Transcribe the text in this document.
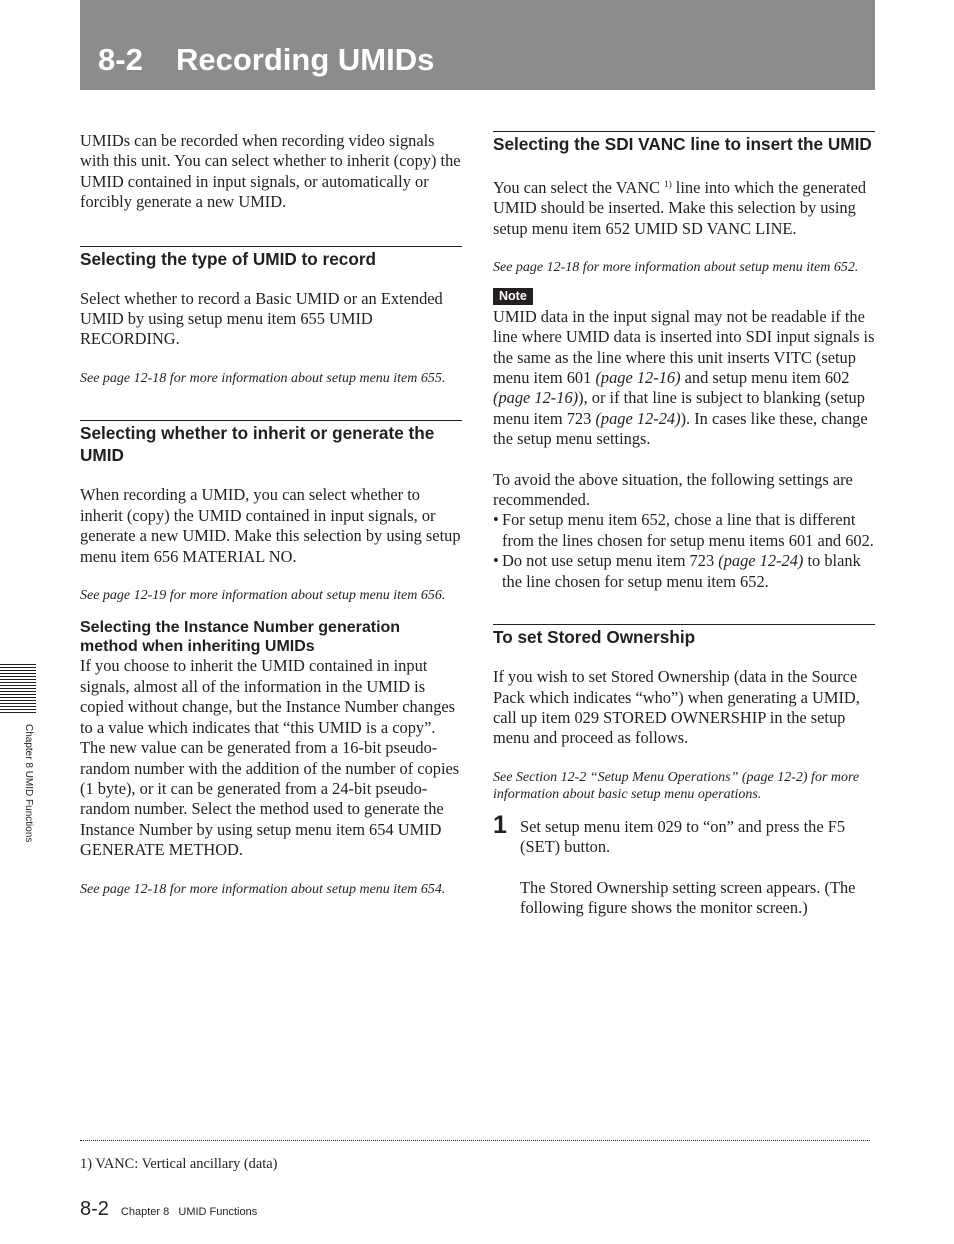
8-2 Recording UMIDs
Chapter 8 UMID Functions

UMIDs can be recorded when recording video signals with this unit. You can select whether to inherit (copy) the UMID contained in input signals, or automatically or forcibly generate a new UMID.

Selecting the type of UMID to record

Select whether to record a Basic UMID or an Extended UMID by using setup menu item 655 UMID RECORDING.

See page 12-18 for more information about setup menu item 655.

Selecting whether to inherit or generate the UMID

When recording a UMID, you can select whether to inherit (copy) the UMID contained in input signals, or generate a new UMID. Make this selection by using setup menu item 656 MATERIAL NO.

See page 12-19 for more information about setup menu item 656.

Selecting the Instance Number generation method when inheriting UMIDs

If you choose to inherit the UMID contained in input signals, almost all of the information in the UMID is copied without change, but the Instance Number changes to a value which indicates that “this UMID is a copy”. The new value can be generated from a 16-bit pseudo-random number with the addition of the number of copies (1 byte), or it can be generated from a 24-bit pseudo-random number. Select the method used to generate the Instance Number by using setup menu item 654 UMID GENERATE METHOD.

See page 12-18 for more information about setup menu item 654.

Selecting the SDI VANC line to insert the UMID

You can select the VANC $^{1)}$ line into which the generated UMID should be inserted. Make this selection by using setup menu item 652 UMID SD VANC LINE.

See page 12-18 for more information about setup menu item 652.

Note

UMID data in the input signal may not be readable if the line where UMID data is inserted into SDI input signals is the same as the line where this unit inserts VITC (setup menu item 601 (page 12-16) and setup menu item 602 (page 12-16)), or if that line is subject to blanking (setup menu item 723 (page 12-24)). In cases like these, change the setup menu settings.

To avoid the above situation, the following settings are recommended.

• For setup menu item 652, chose a line that is different from the lines chosen for setup menu items 601 and 602.
• Do not use setup menu item 723 (page 12-24) to blank the line chosen for setup menu item 652.
To set Stored Ownership

If you wish to set Stored Ownership (data in the Source Pack which indicates “who”) when generating a UMID, call up item 029 STORED OWNERSHIP in the setup menu and proceed as follows.

See Section 12-2 “Setup Menu Operations” (page 12-2) for more information about basic setup menu operations.

1 Set setup menu item 029 to “on” and press the F5 (SET) button.

The Stored Ownership setting screen appears. (The following figure shows the monitor screen.)

1) VANC: Vertical ancillary (data)
8-2 Chapter 8   UMID Functions
